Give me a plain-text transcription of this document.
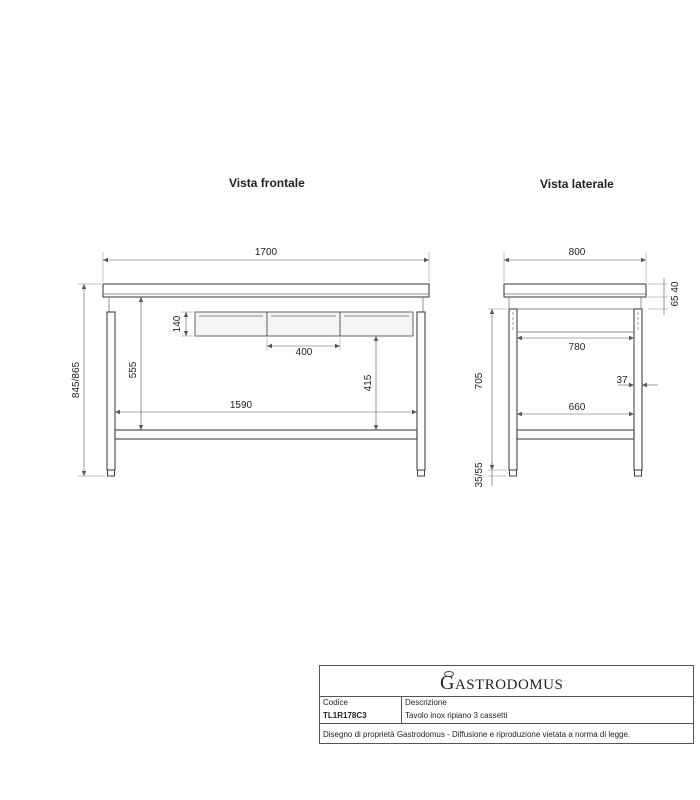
Vista frontale	Vista laterale
1700
845/865
140
400
555
1590
415
800
65 40
780
705
35/55
37
660
GASTRODOMUS
Codice
TL1R178C3
Descrizione
Tavolo inox ripiano 3 cassetti
Disegno di proprietà Gastrodomus - Diffusione e riproduzione vietata a norma di legge.
